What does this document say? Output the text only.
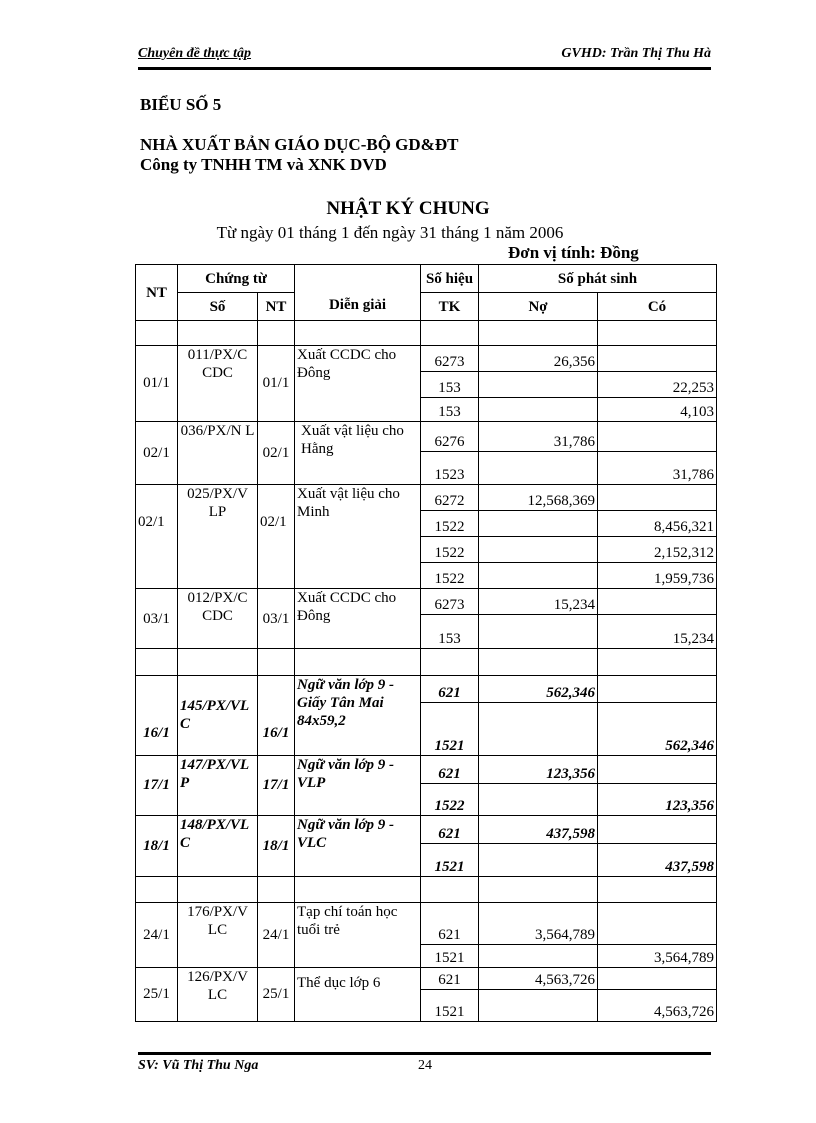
Chuyên đề thực tập	GVHD: Trần Thị Thu Hà
BIỂU SỐ 5
NHÀ XUẤT BẢN GIÁO DỤC-BỘ GD&ĐT
Công ty TNHH TM và XNK DVD
NHẬT KÝ CHUNG
Từ ngày 01 tháng 1 đến ngày 31 tháng 1 năm 2006
Đơn vị tính: Đồng
NT	Chứng từ		Diễn giải	Số hiệu	Số phát sinh	
	Số	NT		TK	Nợ	Có

01/1	011/PX/C CDC	01/1	Xuất CCDC cho Đông	6273	26,356	
				153		22,253
				153		4,103
02/1	036/PX/N L	02/1	Xuất vật liệu cho Hằng	6276	31,786	
				1523		31,786
02/1	025/PX/V LP	02/1	Xuất vật liệu cho Minh	6272	12,568,369	
				1522		8,456,321
				1522		2,152,312
				1522		1,959,736
03/1	012/PX/C CDC	03/1	Xuất CCDC cho Đông	6273	15,234	
				153		15,234

16/1	145/PX/VL C	16/1	Ngữ văn lớp 9 - Giấy Tân Mai 84x59,2	621	562,346	
				1521		562,346
17/1	147/PX/VL P	17/1	Ngữ văn lớp 9 - VLP	621	123,356	
				1522		123,356
18/1	148/PX/VL C	18/1	Ngữ văn lớp 9 - VLC	621	437,598	
				1521		437,598

24/1	176/PX/V LC	24/1	Tạp chí toán học tuổi trẻ	621	3,564,789	
				1521		3,564,789
25/1	126/PX/V LC	25/1	Thể dục lớp 6	621	4,563,726	
				1521		4,563,726
SV: Vũ Thị Thu Nga	24
